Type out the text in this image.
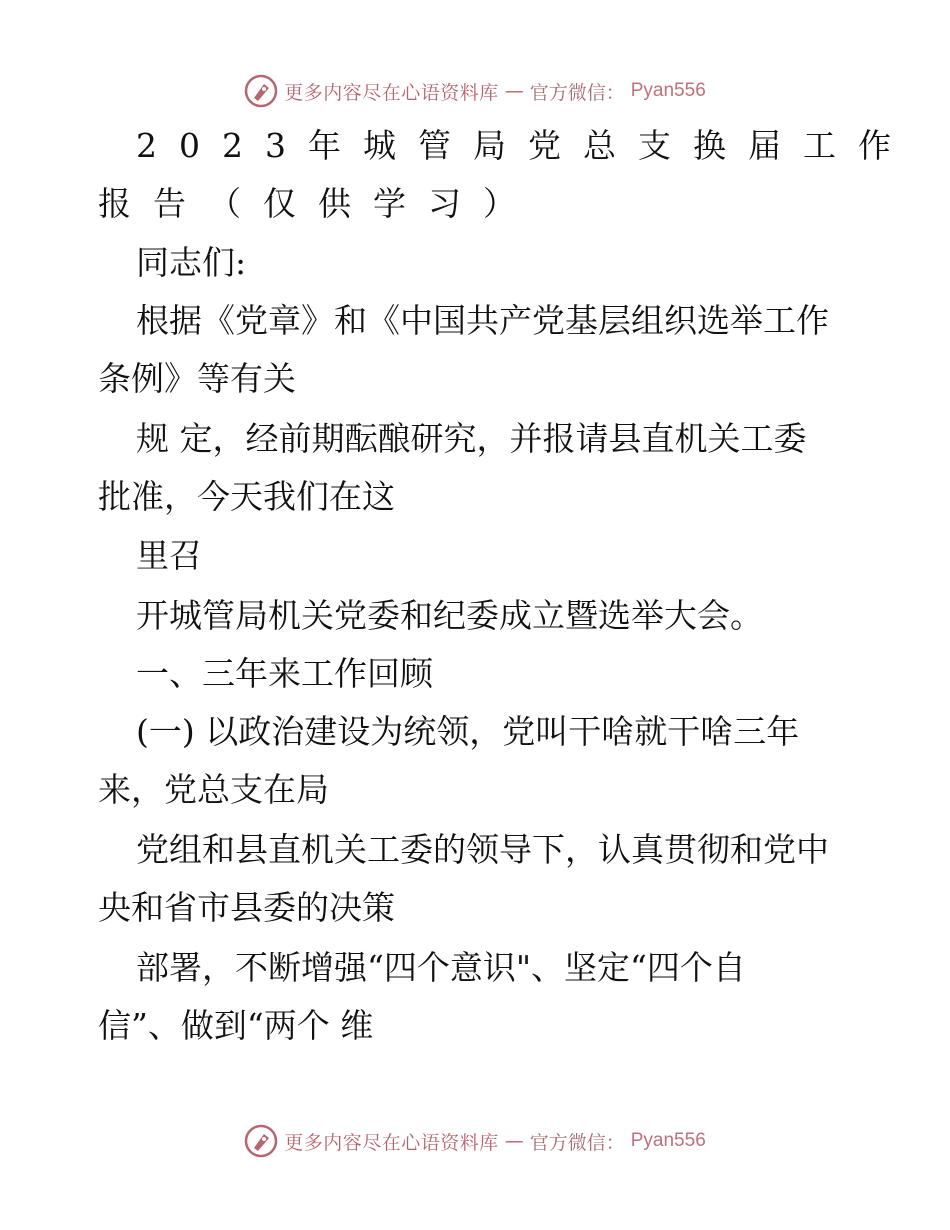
更多内容尽在心语资料库 — 官方微信： Pyan556
2023年城管局党总支换届工作
报告（仅供学习）
同志们:
根据《党章》和《中国共产党基层组织选举工作
条例》等有关
规 定，经前期酝酿研究，并报请县直机关工委
批准，今天我们在这
里召
开城管局机关党委和纪委成立暨选举大会。
一、三年来工作回顾
(一) 以政治建设为统领，党叫干啥就干啥三年
来，党总支在局
党组和县直机关工委的领导下，认真贯彻和党中
央和省市县委的决策
部署，不断增强“四个意识"、坚定“四个自
信”、做到“两个 维
更多内容尽在心语资料库 — 官方微信： Pyan556
